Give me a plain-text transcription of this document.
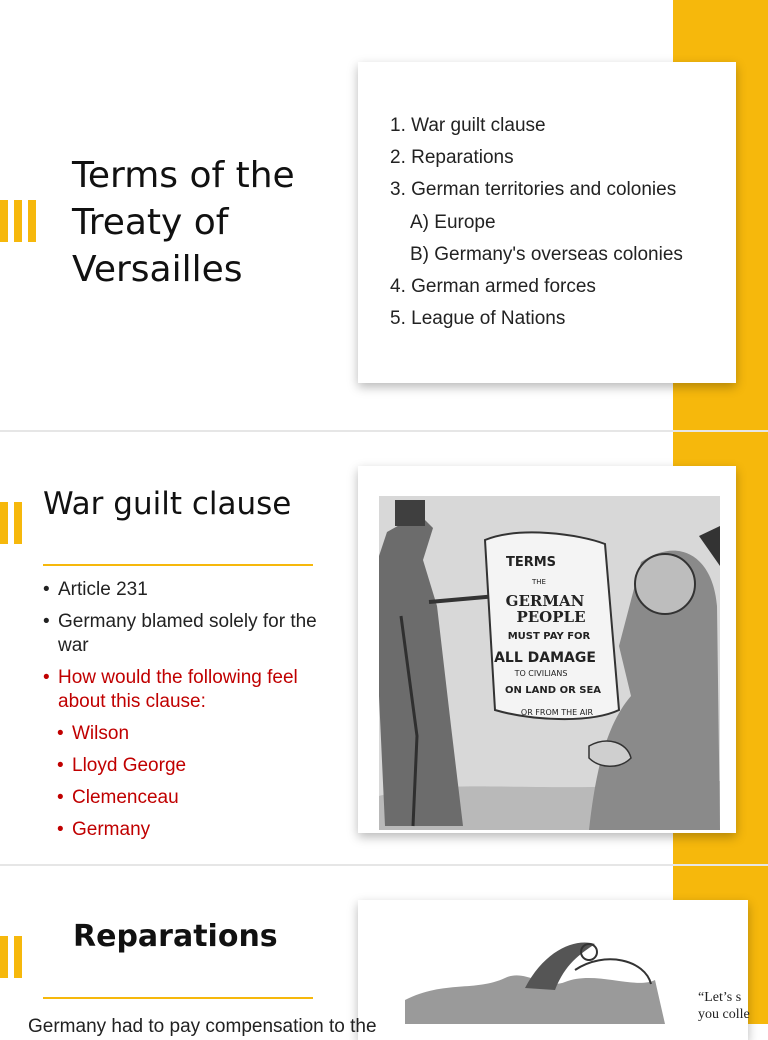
Terms of the Treaty of Versailles
1. War guilt clause
2. Reparations
3. German territories and colonies
A) Europe
B) Germany's overseas colonies
4. German armed forces
5. League of Nations
War guilt clause
• Article 231
• Germany blamed solely for the war
• How would the following feel about this clause:
• Wilson
• Lloyd George
• Clemenceau
• Germany
TERMS
THE
GERMAN
PEOPLE
MUST PAY FOR
ALL DAMAGE
TO CIVILIANS
ON LAND OR SEA
OR FROM THE AIR
Reparations
Germany had to pay compensation to the
“Let’s s
you colle
